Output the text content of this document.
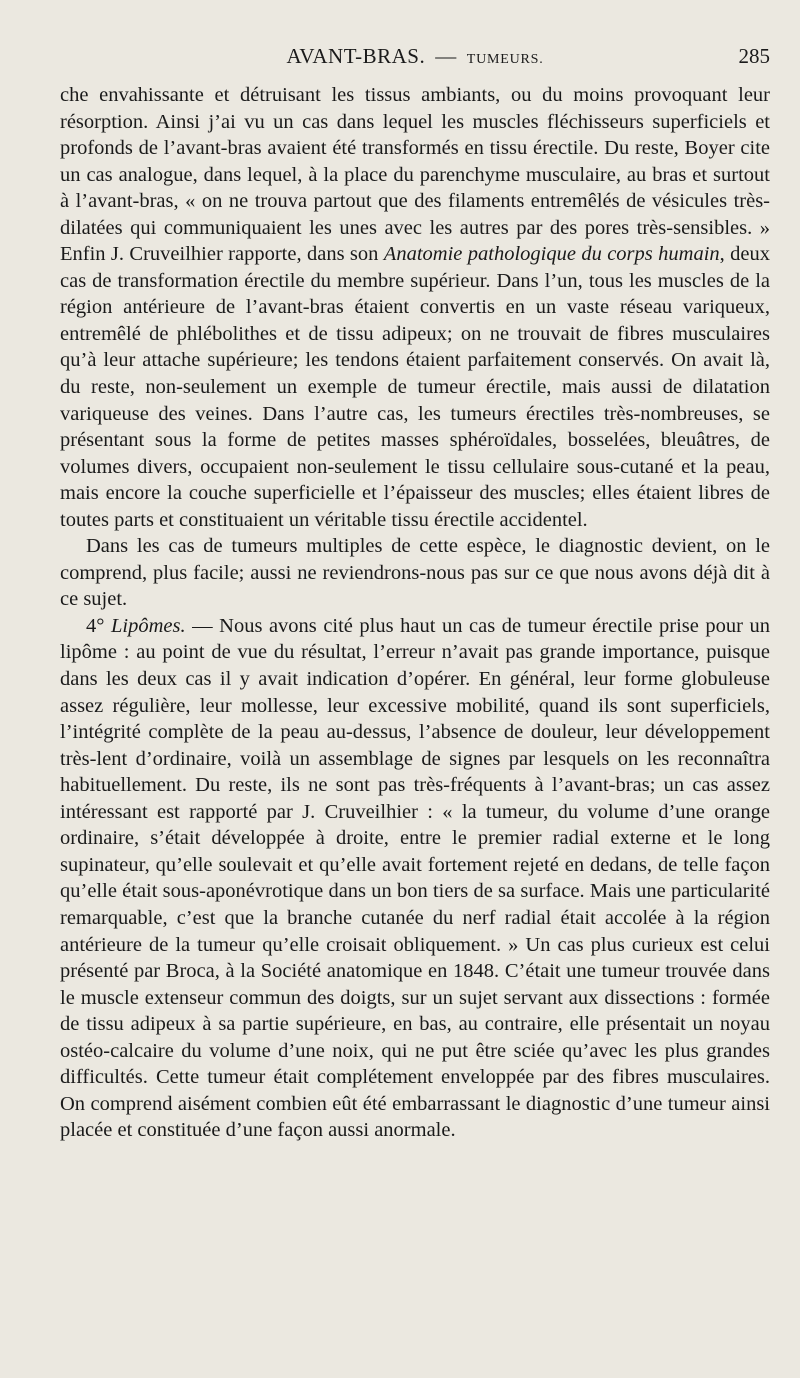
AVANT-BRAS. — TUMEURS.	285

che envahissante et détruisant les tissus ambiants, ou du moins provoquant leur résorption. Ainsi j’ai vu un cas dans lequel les muscles fléchisseurs superficiels et profonds de l’avant-bras avaient été transformés en tissu érectile. Du reste, Boyer cite un cas analogue, dans lequel, à la place du parenchyme musculaire, au bras et surtout à l’avant-bras, « on ne trouva partout que des filaments entremêlés de vésicules très-dilatées qui communiquaient les unes avec les autres par des pores très-sensibles. » Enfin J. Cruveilhier rapporte, dans son Anatomie pathologique du corps humain, deux cas de transformation érectile du membre supérieur. Dans l’un, tous les muscles de la région antérieure de l’avant-bras étaient convertis en un vaste réseau variqueux, entremêlé de phlébolithes et de tissu adipeux; on ne trouvait de fibres musculaires qu’à leur attache supérieure; les tendons étaient parfaitement conservés. On avait là, du reste, non-seulement un exemple de tumeur érectile, mais aussi de dilatation variqueuse des veines. Dans l’autre cas, les tumeurs érectiles très-nombreuses, se présentant sous la forme de petites masses sphéroïdales, bosselées, bleuâtres, de volumes divers, occupaient non-seulement le tissu cellulaire sous-cutané et la peau, mais encore la couche superficielle et l’épaisseur des muscles; elles étaient libres de toutes parts et constituaient un véritable tissu érectile accidentel.

Dans les cas de tumeurs multiples de cette espèce, le diagnostic devient, on le comprend, plus facile; aussi ne reviendrons-nous pas sur ce que nous avons déjà dit à ce sujet.

4° Lipômes. — Nous avons cité plus haut un cas de tumeur érectile prise pour un lipôme : au point de vue du résultat, l’erreur n’avait pas grande importance, puisque dans les deux cas il y avait indication d’opérer. En général, leur forme globuleuse assez régulière, leur mollesse, leur excessive mobilité, quand ils sont superficiels, l’intégrité complète de la peau au-dessus, l’absence de douleur, leur développement très-lent d’ordinaire, voilà un assemblage de signes par lesquels on les reconnaîtra habituellement. Du reste, ils ne sont pas très-fréquents à l’avant-bras; un cas assez intéressant est rapporté par J. Cruveilhier : « la tumeur, du volume d’une orange ordinaire, s’était développée à droite, entre le premier radial externe et le long supinateur, qu’elle soulevait et qu’elle avait fortement rejeté en dedans, de telle façon qu’elle était sous-aponévrotique dans un bon tiers de sa surface. Mais une particularité remarquable, c’est que la branche cutanée du nerf radial était accolée à la région antérieure de la tumeur qu’elle croisait obliquement. » Un cas plus curieux est celui présenté par Broca, à la Société anatomique en 1848. C’était une tumeur trouvée dans le muscle extenseur commun des doigts, sur un sujet servant aux dissections : formée de tissu adipeux à sa partie supérieure, en bas, au contraire, elle présentait un noyau ostéo-calcaire du volume d’une noix, qui ne put être sciée qu’avec les plus grandes difficultés. Cette tumeur était complétement enveloppée par des fibres musculaires. On comprend aisément combien eût été embarrassant le diagnostic d’une tumeur ainsi placée et constituée d’une façon aussi anormale.
